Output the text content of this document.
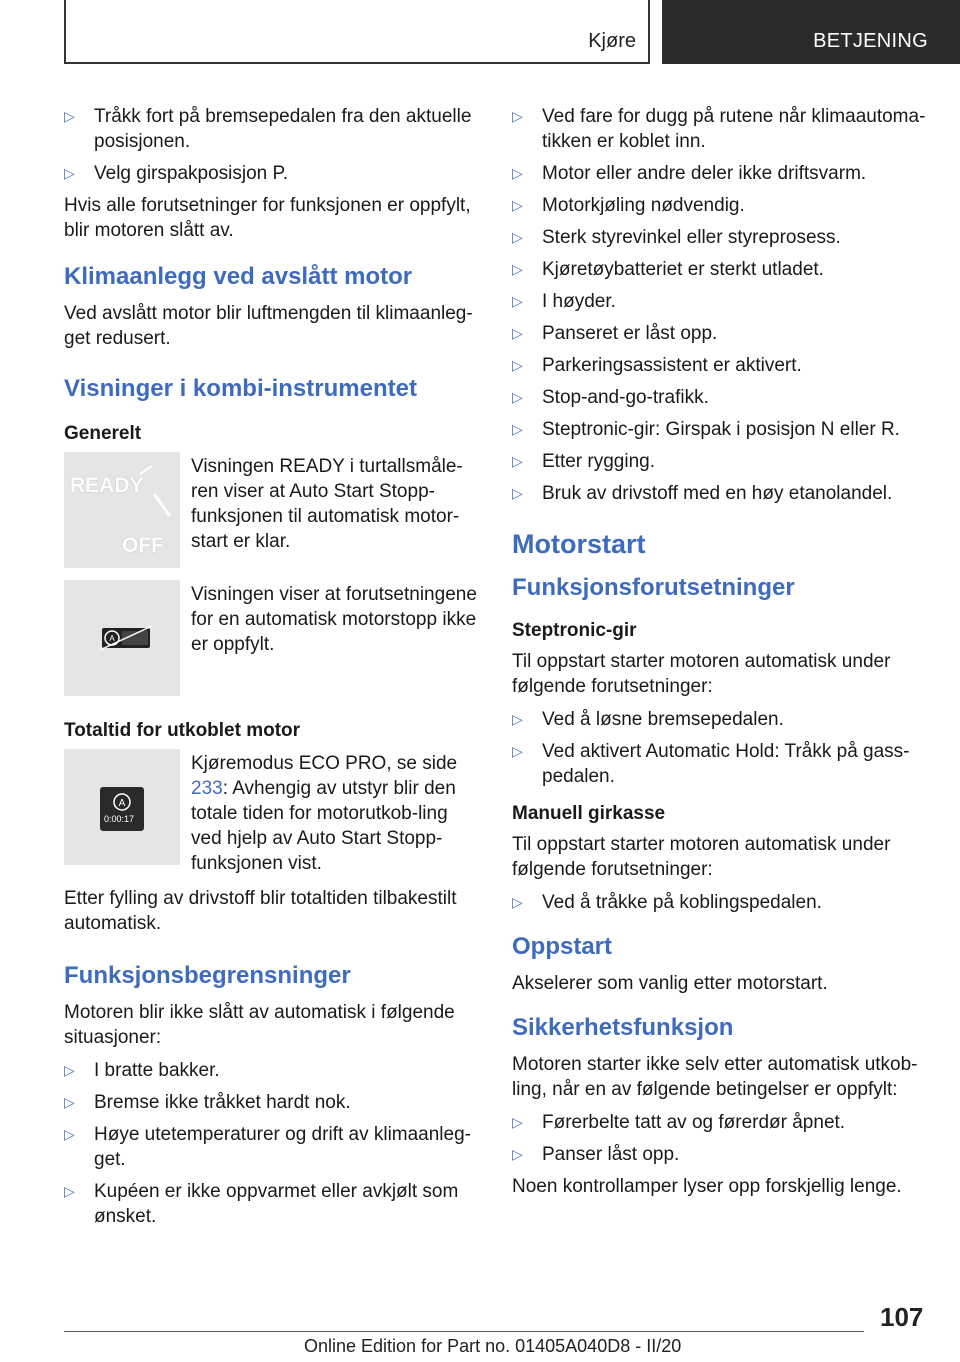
Kjøre	BETJENING
▷ Tråkk fort på bremsepedalen fra den aktuelle posisjonen.
▷ Velg girspakposisjon P.
Hvis alle forutsetninger for funksjonen er oppfylt, blir motoren slått av.
Klimaanlegg ved avslått motor
Ved avslått motor blir luftmengden til klimaanleg‐get redusert.
Visninger i kombi-instrumentet
Generelt
READY
OFF
Visningen READY i turtallsmåle‐ren viser at Auto Start Stopp-funksjonen til automatisk motor‐start er klar.
A
Visningen viser at forutsetningene for en automatisk motorstopp ikke er oppfylt.
Totaltid for utkoblet motor
A
0:00:17
Kjøremodus ECO PRO, se side 233: Avhengig av utstyr blir den totale tiden for motorutkob‐ling ved hjelp av Auto Start Stopp-funksjonen vist.
Etter fylling av drivstoff blir totaltiden tilbakestilt automatisk.
Funksjonsbegrensninger
Motoren blir ikke slått av automatisk i følgende situasjoner:
▷ I bratte bakker.
▷ Bremse ikke tråkket hardt nok.
▷ Høye utetemperaturer og drift av klimaanleg‐get.
▷ Kupéen er ikke oppvarmet eller avkjølt som ønsket.
▷ Ved fare for dugg på rutene når klimaautoma‐tikken er koblet inn.
▷ Motor eller andre deler ikke driftsvarm.
▷ Motorkjøling nødvendig.
▷ Sterk styrevinkel eller styreprosess.
▷ Kjøretøybatteriet er sterkt utladet.
▷ I høyder.
▷ Panseret er låst opp.
▷ Parkeringsassistent er aktivert.
▷ Stop-and-go-trafikk.
▷ Steptronic-gir: Girspak i posisjon N eller R.
▷ Etter rygging.
▷ Bruk av drivstoff med en høy etanolandel.
Motorstart
Funksjonsforutsetninger
Steptronic-gir
Til oppstart starter motoren automatisk under følgende forutsetninger:
▷ Ved å løsne bremsepedalen.
▷ Ved aktivert Automatic Hold: Tråkk på gass‐pedalen.
Manuell girkasse
Til oppstart starter motoren automatisk under følgende forutsetninger:
▷ Ved å tråkke på koblingspedalen.
Oppstart
Akselerer som vanlig etter motorstart.
Sikkerhetsfunksjon
Motoren starter ikke selv etter automatisk utkob‐ling, når en av følgende betingelser er oppfylt:
▷ Førerbelte tatt av og førerdør åpnet.
▷ Panser låst opp.
Noen kontrollamper lyser opp forskjellig lenge.
107
Online Edition for Part no. 01405A040D8 - II/20
